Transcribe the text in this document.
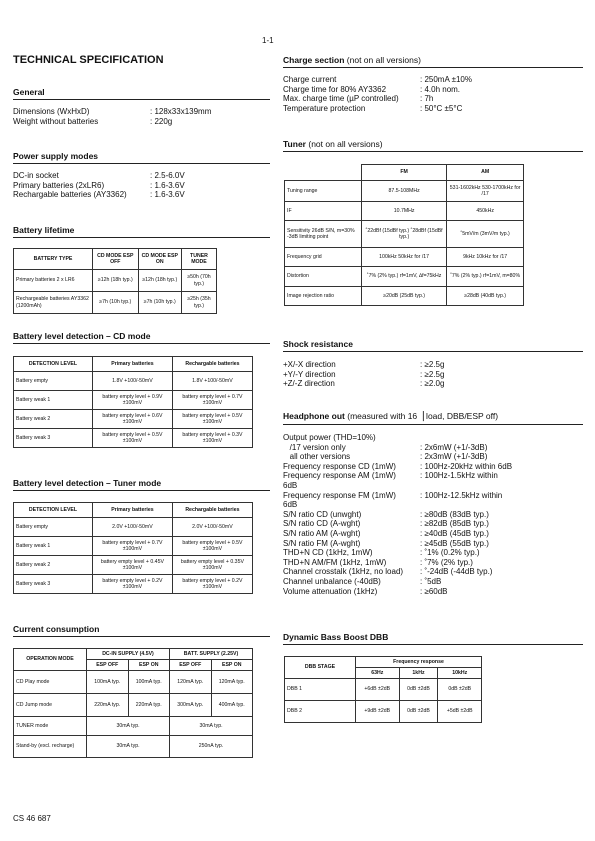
1-1
TECHNICAL SPECIFICATION
General
Dimensions (WxHxD)	: 128x33x139mm
Weight without batteries	: 220g
Power supply modes
DC-in socket	: 2.5-6.0V
Primary batteries (2xLR6)	: 1.6-3.6V
Rechargable batteries (AY3362)	: 1.6-3.6V
Battery lifetime
BATTERY TYPE	CD MODE ESP OFF	CD MODE ESP ON	TUNER MODE
Primary batteries 2 x LR6	≥12h (18h typ.)	≥12h (18h typ.)	≥50h (70h typ.)
Rechargeable batteries AY3362 (1200mAh)	≥7h (10h typ.)	≥7h (10h typ.)	≥25h (35h typ.)
Battery level detection – CD mode
DETECTION LEVEL	Primary batteries	Rechargable batteries
Battery empty	1.8V +100/-50mV	1.8V +100/-50mV
Battery weak 1	battery empty level + 0.9V ±100mV	battery empty level + 0.7V ±100mV
Battery weak 2	battery empty level + 0.6V ±100mV	battery empty level + 0.5V ±100mV
Battery weak 3	battery empty level + 0.5V ±100mV	battery empty level + 0.3V ±100mV
Battery level detection – Tuner mode
DETECTION LEVEL	Primary batteries	Rechargable batteries
Battery empty	2.0V +100/-50mV	2.0V +100/-50mV
Battery weak 1	battery empty level + 0.7V ±100mV	battery empty level + 0.5V ±100mV
Battery weak 2	battery empty level + 0.45V ±100mV	battery empty level + 0.35V ±100mV
Battery weak 3	battery empty level + 0.2V ±100mV	battery empty level + 0.2V ±100mV
Current consumption
OPERATION MODE	DC-IN SUPPLY (4.5V)		BATT. SUPPLY (2.25V)	
	ESP OFF	ESP ON	ESP OFF	ESP ON
CD Play mode	100mA typ.	100mA typ.	120mA typ.	120mA typ.
CD Jump mode	220mA typ.	220mA typ.	300mA typ.	400mA typ.
TUNER mode	30mA typ.		30mA typ.	
Stand-by (excl. recharge)	30mA typ.		250nA typ.	
CS 46 687
Charge section (not on all versions)
Charge current	: 250mA ±10%
Charge time for 80% AY3362	: 4.0h nom.
Max. charge time (µP controlled)	: 7h
Temperature protection	: 50°C ±5°C
Tuner (not on all versions)
	FM	AM
Tuning range	87.5-108MHz	531-1602kHz 530-1700kHz for /17
IF	10.7MHz	450kHz
Sensitivity 26dB S/N, m=30% -3dB limiting point	˚22dBf (15dBf typ.) ˚28dBf (15dBf typ.)	˚5mV/m (3mV/m typ.)
Frequency grid	100kHz 50kHz for /17	9kHz 10kHz for /17
Distortion	˚7% (2% typ.) rf=1mV, ∆f=75kHz	˚7% (2% typ.) rf=1mV, m=80%
Image rejection ratio	≥20dB (25dB typ.)	≥28dB (40dB typ.)
Shock resistance
+X/-X direction	: ≥2.5g
+Y/-Y direction	: ≥2.5g
+Z/-Z direction	: ≥2.0g
Headphone out (measured with 16▕ load, DBB/ESP off)
Output power (THD=10%)
/17 version only	: 2x6mW (+1/-3dB)
all other versions	: 2x3mW (+1/-3dB)
Frequency response CD (1mW)	: 100Hz-20kHz within 6dB
Frequency response AM (1mW)	: 100Hz-1.5kHz within
6dB
Frequency response FM (1mW)	: 100Hz-12.5kHz within
6dB
S/N ratio CD (unwght)	: ≥80dB (83dB typ.)
S/N ratio CD (A-wght)	: ≥82dB (85dB typ.)
S/N ratio AM (A-wght)	: ≥40dB (45dB typ.)
S/N ratio FM (A-wght)	: ≥45dB (55dB typ.)
THD+N CD (1kHz, 1mW)	: ˚1% (0.2% typ.)
THD+N AM/FM (1kHz, 1mW)	: ˚7% (2% typ.)
Channel crosstalk (1kHz, no load)	: ˚-24dB (-44dB typ.)
Channel unbalance (-40dB)	: ˚5dB
Volume attenuation (1kHz)	: ≥60dB
Dynamic Bass Boost DBB
DBB STAGE	Frequency response		
	63Hz	1kHz	10kHz
DBB 1	+6dB ±2dB	0dB ±2dB	0dB ±2dB
DBB 2	+9dB ±2dB	0dB ±2dB	+5dB ±2dB
